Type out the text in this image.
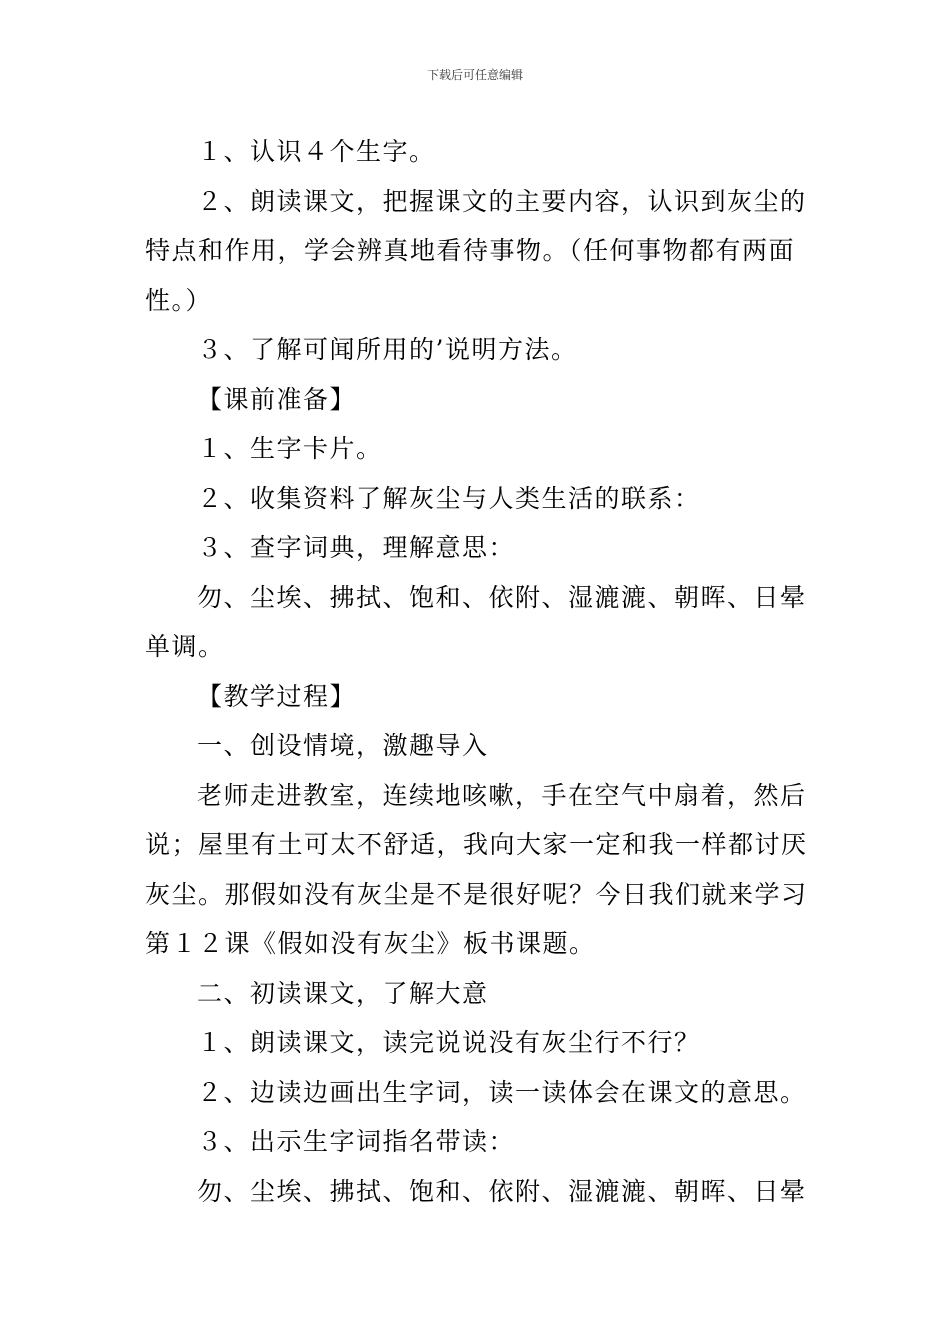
下载后可任意编辑

１、认识４个生字。

２、朗读课文，把握课文的主要内容，认识到灰尘的

特点和作用，学会辨真地看待事物。（任何事物都有两面

性。）

３、了解可闻所用的’说明方法。

【课前准备】

１、生字卡片。

２、收集资料了解灰尘与人类生活的联系：

３、查字词典，理解意思：

勿、尘埃、拂拭、饱和、依附、湿漉漉、朝晖、日晕

单调。

【教学过程】

一、创设情境，激趣导入

老师走进教室，连续地咳嗽，手在空气中扇着，然后

说；屋里有土可太不舒适，我向大家一定和我一样都讨厌

灰尘。那假如没有灰尘是不是很好呢？今日我们就来学习

第１２课《假如没有灰尘》板书课题。

二、初读课文，了解大意

１、朗读课文，读完说说没有灰尘行不行？

２、边读边画出生字词，读一读体会在课文的意思。

３、出示生字词指名带读：

勿、尘埃、拂拭、饱和、依附、湿漉漉、朝晖、日晕
